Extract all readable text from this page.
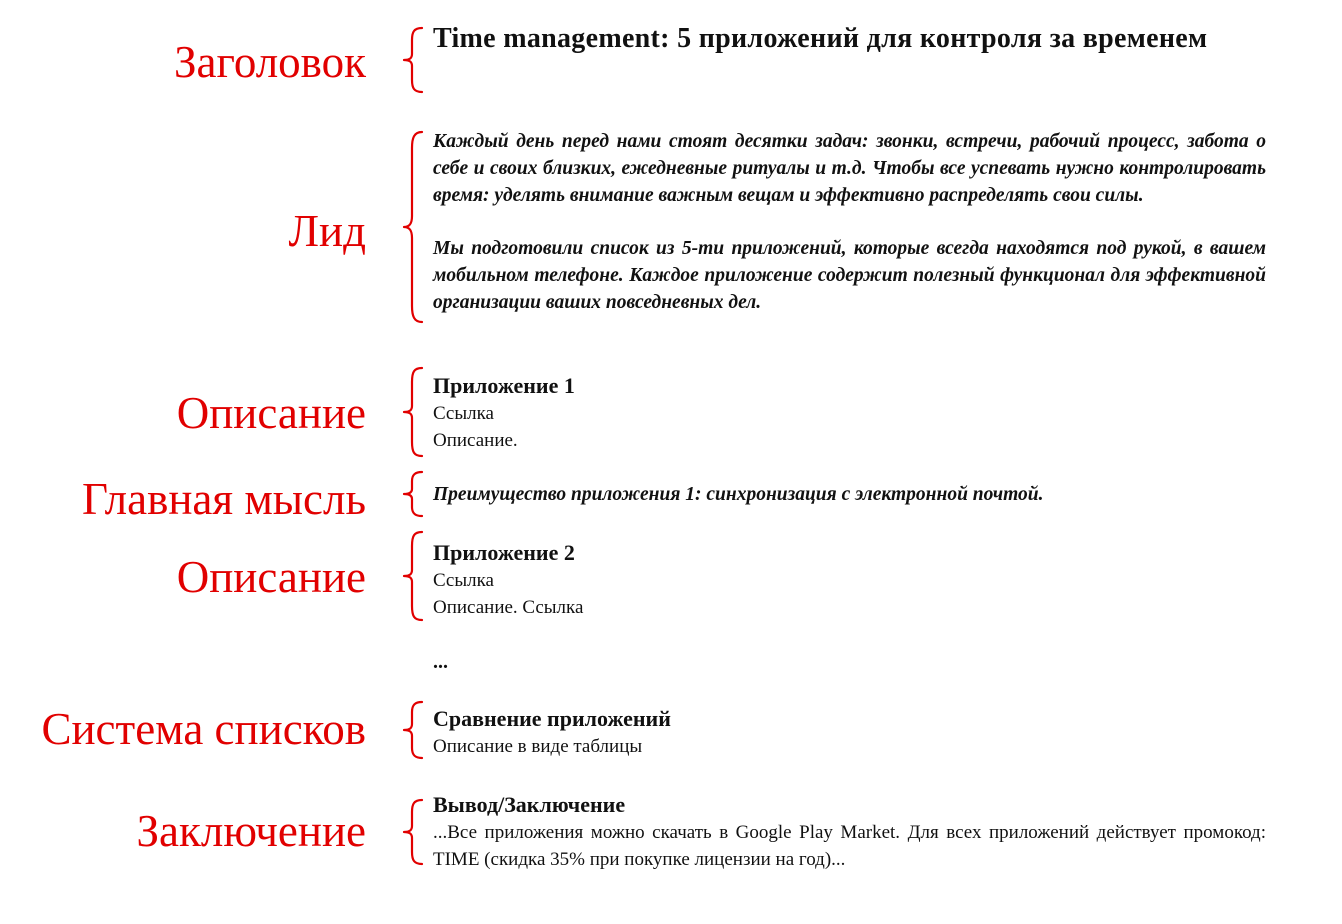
Заголовок
Лид
Описание
Главная мысль
Описание
Система списков
Заключение
Time management: 5 приложений для контроля за временем

Каждый день перед нами стоят десятки задач: звонки, встречи, рабочий процесс, забота о себе и своих близких, ежедневные ритуалы и т.д. Чтобы все успевать нужно контролировать время: уделять внимание важным вещам и эффективно распределять свои силы.

Мы подготовили список из 5-ти приложений, которые всегда находятся под рукой, в вашем мобильном телефоне. Каждое приложение содержит полезный функционал для эффективной организации ваших повседневных дел.

Приложение 1
Ссылка
Описание.
Преимущество приложения 1: синхронизация с электронной почтой.
Приложение 2
Ссылка
Описание. Ссылка
...
Сравнение приложений
Описание в виде таблицы
Вывод/Заключение
...Все приложения можно скачать в Google Play Market. Для всех приложений действует промокод: TIME (скидка 35% при покупке лицензии на год)...
